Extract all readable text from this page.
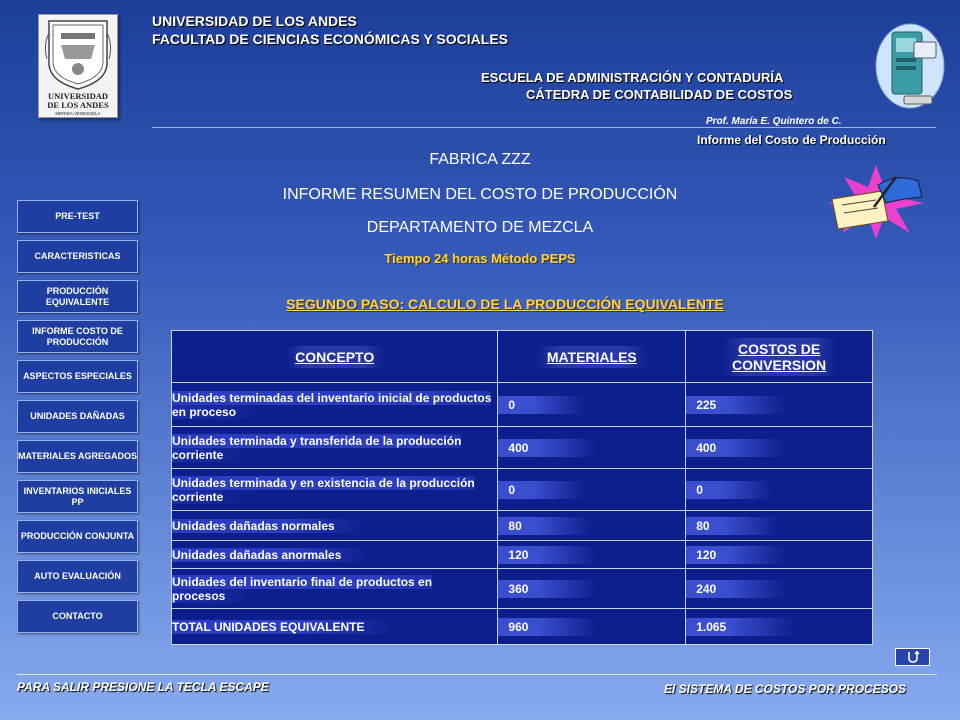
UNIVERSIDAD
DE LOS ANDES
MERIDA VENEZUELA
UNIVERSIDAD DE LOS ANDES
FACULTAD DE CIENCIAS ECONÓMICAS Y SOCIALES
ESCUELA DE ADMINISTRACIÓN Y CONTADURÍA
CÁTEDRA DE CONTABILIDAD DE COSTOS
Prof. María E. Quintero de C.
Informe del Costo de Producción
FABRICA ZZZ
INFORME RESUMEN DEL COSTO DE PRODUCCIÓN
DEPARTAMENTO DE MEZCLA
Tiempo 24 horas Método PEPS
SEGUNDO PASO: CALCULO DE LA PRODUCCIÓN EQUIVALENTE
PRE-TEST
CARACTERISTICAS
PRODUCCIÓN EQUIVALENTE
INFORME COSTO DE PRODUCCIÓN
ASPECTOS ESPECIALES
UNIDADES DAÑADAS
MATERIALES AGREGADOS
INVENTARIOS INICIALES PP
PRODUCCIÓN CONJUNTA
AUTO EVALUACIÓN
CONTACTO
CONCEPTO	MATERIALES	COSTOS DE CONVERSION
Unidades terminadas del inventario inicial de productos en proceso	0	225
Unidades terminada y transferida de la producción corriente	400	400
Unidades terminada y en existencia de la producción corriente	0	0
Unidades dañadas normales	80	80
Unidades dañadas anormales	120	120
Unidades del inventario final de productos en procesos	360	240
TOTAL UNIDADES EQUIVALENTE	960	1.065
PARA SALIR PRESIONE LA TECLA ESCAPE	El SISTEMA DE COSTOS POR PROCESOS
